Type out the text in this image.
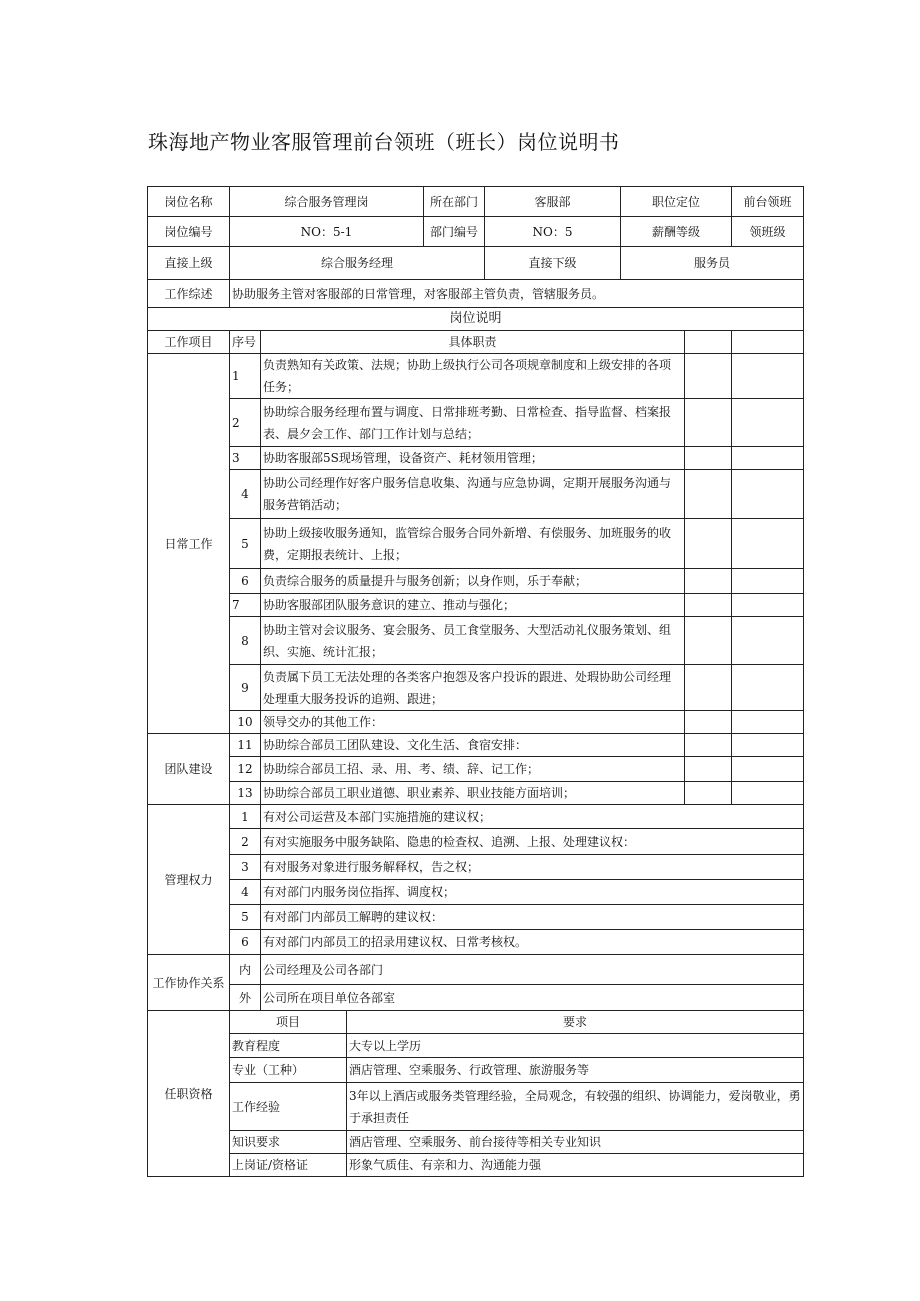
珠海地产物业客服管理前台领班（班长）岗位说明书
岗位名称	综合服务管理岗			所在部门	客服部	职位定位		前台领班
岗位编号	NO：5-1			部门编号	NO：5	薪酬等级		领班级
直接上级	综合服务经理				直接下级	服务员		
工作综述	协助服务主管对客服部的日常管理，对客服部主管负责，管辖服务员。							
岗位说明								
工作项目	序号	具体职责						
日常工作	1	负责熟知有关政策、法规；协助上级执行公司各项规章制度和上级安排的各项任务；						
	2	协助综合服务经理布置与调度、日常排班考勤、日常检查、指导监督、档案报表、晨夕会工作、部门工作计划与总结；						
	3	协助客服部5S现场管理，设备资产、耗材领用管理；						
	4	协助公司经理作好客户服务信息收集、沟通与应急协调，定期开展服务沟通与服务营销活动；						
	5	协助上级接收服务通知，监管综合服务合同外新增、有偿服务、加班服务的收费，定期报表统计、上报；						
	6	负责综合服务的质量提升与服务创新；以身作则，乐于奉献；						
	7	协助客服部团队服务意识的建立、推动与强化；						
	8	协助主管对会议服务、宴会服务、员工食堂服务、大型活动礼仪服务策划、组织、实施、统计汇报；						
	9	负责属下员工无法处理的各类客户抱怨及客户投诉的跟进、处瑕协助公司经理处理重大服务投诉的追朔、跟进；						
	10	领导交办的其他工作：						
团队建设	11	协助综合部员工团队建设、文化生活、食宿安排：						
	12	协助综合部员工招、录、用、考、绩、辞、记工作；						
	13	协助综合部员工职业道德、职业素养、职业技能方面培训；						
管理权力	1	有对公司运营及本部门实施措施的建议权；						
	2	有对实施服务中服务缺陷、隐患的检查权、追溯、上报、处理建议权：						
	3	有对服务对象进行服务解释权，告之权；						
	4	有对部门内服务岗位指挥、调度权；						
	5	有对部门内部员工解聘的建议权：						
	6	有对部门内部员工的招录用建议权、日常考核权。						
工作协作关系	内	公司经理及公司各部门						
	外	公司所在项目单位各部室						
任职资格	项目		要求					
	教育程度		大专以上学历					
	专业（工种）		酒店管理、空乘服务、行政管理、旅游服务等					
	工作经验		3年以上酒店或服务类管理经验，全局观念，有较强的组织、协调能力，爱岗敬业，勇于承担责任					
	知识要求		酒店管理、空乘服务、前台接待等相关专业知识					
	上岗证/资格证		形象气质佳、有亲和力、沟通能力强					
